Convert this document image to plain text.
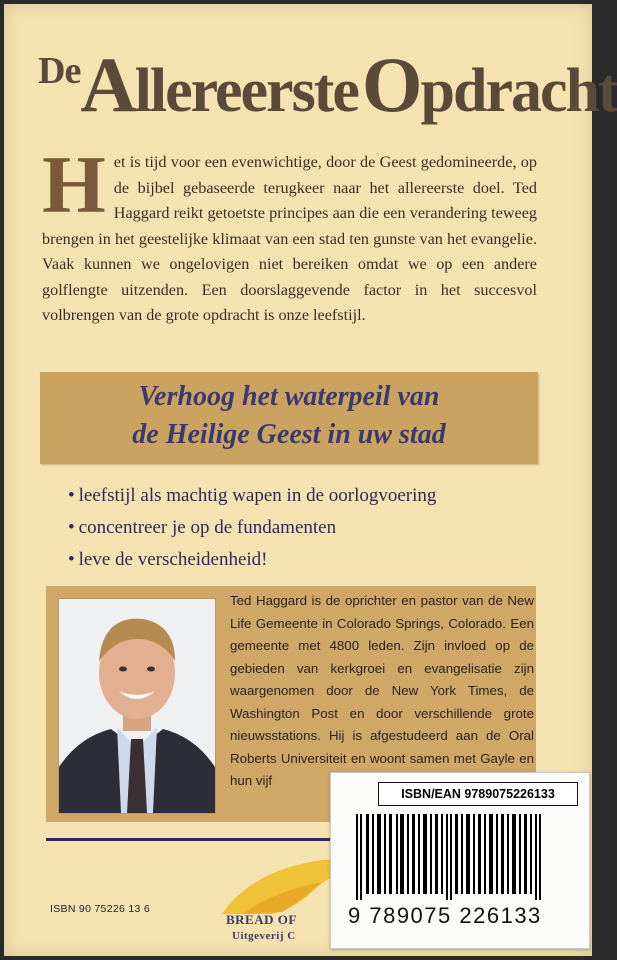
DeAllereerste Opdracht
Het is tijd voor een evenwichtige, door de Geest gedomineerde, op de bijbel gebaseerde terugkeer naar het allereerste doel. Ted Haggard reikt getoetste principes aan die een verandering teweeg brengen in het geestelijke klimaat van een stad ten gunste van het evangelie. Vaak kunnen we ongelovigen niet bereiken omdat we op een andere golflengte uitzenden. Een doorslaggevende factor in het succesvol volbrengen van de grote opdracht is onze leefstijl.
Verhoog het waterpeil van
de Heilige Geest in uw stad
• leefstijl als machtig wapen in de oorlogvoering
• concentreer je op de fundamenten
• leve de verscheidenheid!
Ted Haggard is de oprichter en pastor van de New Life Gemeente in Colorado Springs, Colorado. Een gemeente met 4800 leden. Zijn invloed op de gebieden van kerkgroei en evangelisatie zijn waargenomen door de New York Times, de Washington Post en door verschillende grote nieuwsstations. Hij is afgestudeerd aan de Oral Roberts Universiteit en woont samen met Gayle en hun vijf
ISBN 90 75226 13 6
BREAD OF
Uitgeverij C
ISBN/EAN 9789075226133
9 789075 226133
